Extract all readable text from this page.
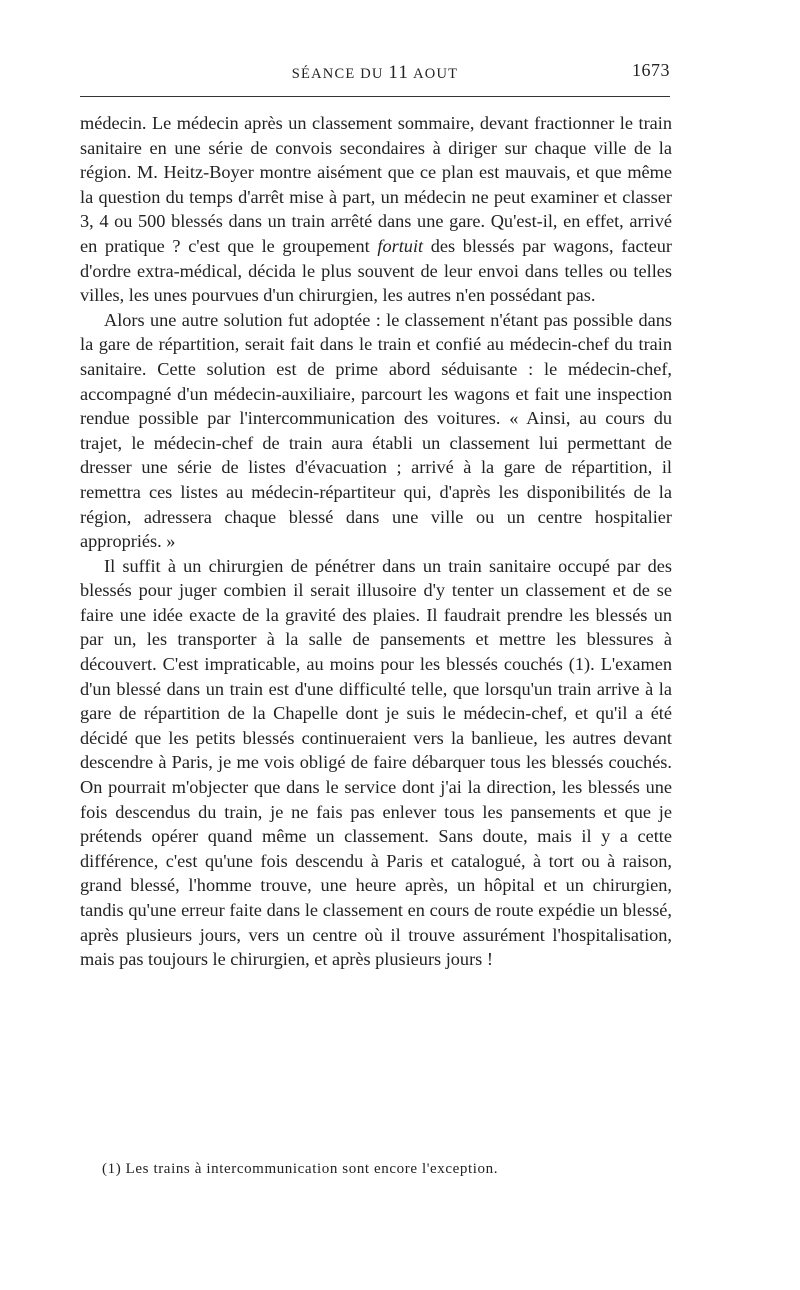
SÉANCE DU 11 AOUT	1673

médecin. Le médecin après un classement sommaire, devant fractionner le train sanitaire en une série de convois secondaires à diriger sur chaque ville de la région. M. Heitz-Boyer montre aisément que ce plan est mauvais, et que même la question du temps d'arrêt mise à part, un médecin ne peut examiner et classer 3, 4 ou 500 blessés dans un train arrêté dans une gare. Qu'est-il, en effet, arrivé en pratique ? c'est que le groupement fortuit des blessés par wagons, facteur d'ordre extra-médical, décida le plus souvent de leur envoi dans telles ou telles villes, les unes pourvues d'un chirurgien, les autres n'en possédant pas.

Alors une autre solution fut adoptée : le classement n'étant pas possible dans la gare de répartition, serait fait dans le train et confié au médecin-chef du train sanitaire. Cette solution est de prime abord séduisante : le médecin-chef, accompagné d'un médecin-auxiliaire, parcourt les wagons et fait une inspection rendue possible par l'intercommunication des voitures. « Ainsi, au cours du trajet, le médecin-chef de train aura établi un classement lui permettant de dresser une série de listes d'évacuation ; arrivé à la gare de répartition, il remettra ces listes au médecin-répartiteur qui, d'après les disponibilités de la région, adressera chaque blessé dans une ville ou un centre hospitalier appropriés. »

Il suffit à un chirurgien de pénétrer dans un train sanitaire occupé par des blessés pour juger combien il serait illusoire d'y tenter un classement et de se faire une idée exacte de la gravité des plaies. Il faudrait prendre les blessés un par un, les transporter à la salle de pansements et mettre les blessures à découvert. C'est impraticable, au moins pour les blessés couchés (1). L'examen d'un blessé dans un train est d'une difficulté telle, que lorsqu'un train arrive à la gare de répartition de la Chapelle dont je suis le médecin-chef, et qu'il a été décidé que les petits blessés continueraient vers la banlieue, les autres devant descendre à Paris, je me vois obligé de faire débarquer tous les blessés couchés. On pourrait m'objecter que dans le service dont j'ai la direction, les blessés une fois descendus du train, je ne fais pas enlever tous les pansements et que je prétends opérer quand même un classement. Sans doute, mais il y a cette différence, c'est qu'une fois descendu à Paris et catalogué, à tort ou à raison, grand blessé, l'homme trouve, une heure après, un hôpital et un chirurgien, tandis qu'une erreur faite dans le classement en cours de route expédie un blessé, après plusieurs jours, vers un centre où il trouve assurément l'hospitalisation, mais pas toujours le chirurgien, et après plusieurs jours !

(1) Les trains à intercommunication sont encore l'exception.
